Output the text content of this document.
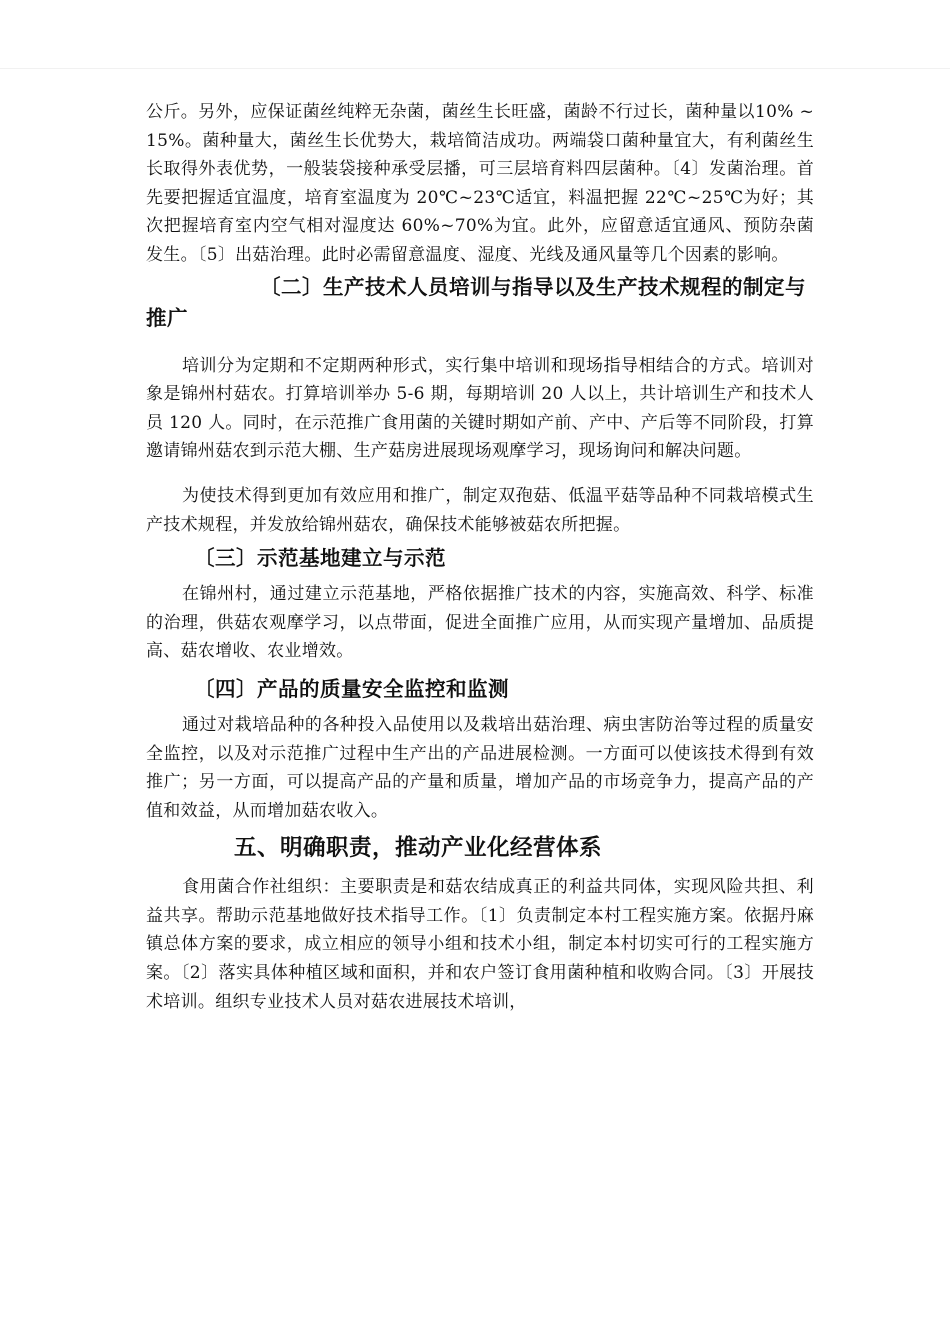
公斤。另外，应保证菌丝纯粹无杂菌，菌丝生长旺盛，菌龄不行过长，菌种量以10% ~15%。菌种量大，菌丝生长优势大，栽培简洁成功。两端袋口菌种量宜大，有利菌丝生长取得外表优势，一般装袋接种承受层播，可三层培育料四层菌种。〔4〕发菌治理。首先要把握适宜温度，培育室温度为 20℃~23℃适宜，料温把握 22℃~25℃为好；其次把握培育室内空气相对湿度达 60%~70%为宜。此外，应留意适宜通风、预防杂菌发生。〔5〕出菇治理。此时必需留意温度、湿度、光线及通风量等几个因素的影响。

〔二〕生产技术人员培训与指导以及生产技术规程的制定与推广

培训分为定期和不定期两种形式，实行集中培训和现场指导相结合的方式。培训对象是锦州村菇农。打算培训举办 5-6 期，每期培训 20 人以上，共计培训生产和技术人员 120 人。同时，在示范推广食用菌的关键时期如产前、产中、产后等不同阶段，打算邀请锦州菇农到示范大棚、生产菇房进展现场观摩学习，现场询问和解决问题。

为使技术得到更加有效应用和推广，制定双孢菇、低温平菇等品种不同栽培模式生产技术规程，并发放给锦州菇农，确保技术能够被菇农所把握。

〔三〕示范基地建立与示范

在锦州村，通过建立示范基地，严格依据推广技术的内容，实施高效、科学、标准的治理，供菇农观摩学习，以点带面，促进全面推广应用，从而实现产量增加、品质提高、菇农增收、农业增效。

〔四〕产品的质量安全监控和监测

通过对栽培品种的各种投入品使用以及栽培出菇治理、病虫害防治等过程的质量安全监控，以及对示范推广过程中生产出的产品进展检测。一方面可以使该技术得到有效推广；另一方面，可以提高产品的产量和质量，增加产品的市场竞争力，提高产品的产值和效益，从而增加菇农收入。

五、明确职责，推动产业化经营体系

食用菌合作社组织：主要职责是和菇农结成真正的利益共同体，实现风险共担、利益共享。帮助示范基地做好技术指导工作。〔1〕负责制定本村工程实施方案。依据丹麻镇总体方案的要求，成立相应的领导小组和技术小组，制定本村切实可行的工程实施方案。〔2〕落实具体种植区域和面积，并和农户签订食用菌种植和收购合同。〔3〕开展技术培训。组织专业技术人员对菇农进展技术培训，
